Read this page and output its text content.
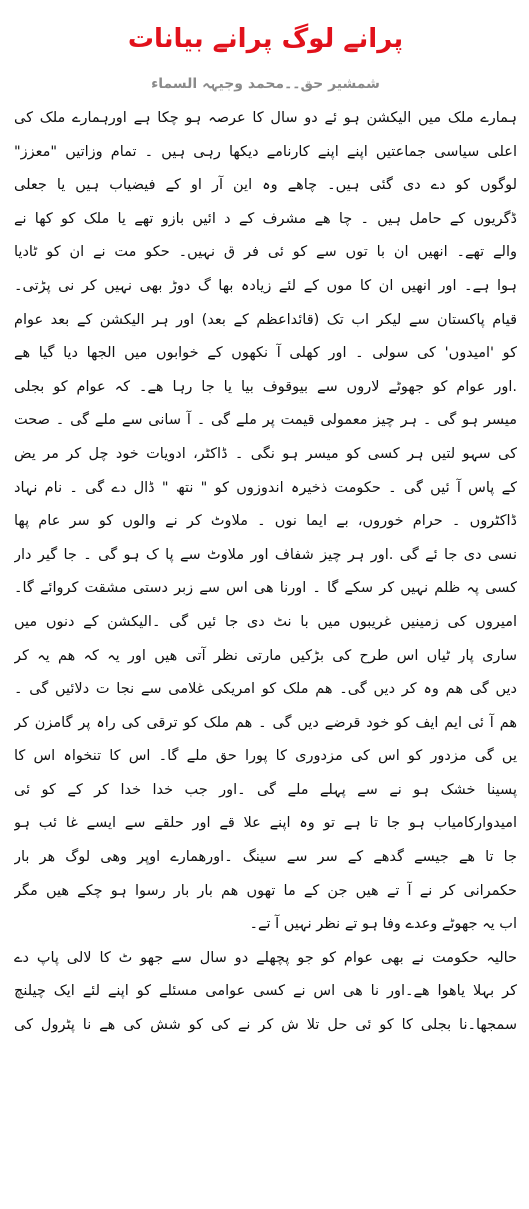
پرانے لوگ پرانے بیانات
شمشیر حق۔۔محمد وجیہہ السماء
ہمارے ملک میں الیکشن ہو ئے دو سال کا عرصہ ہو چکا ہے اورہمارے ملک کی
اعلی سیاسی جماعتیں اپنے اپنے کارنامے دیکھا رہی ہیں ۔ تمام وزاتیں "معزز"
لوگوں کو دے دی گئی ہیں۔ چاھے وہ این آر او کے فیضیاب ہیں یا جعلی
ڈگریوں کے حامل ہیں ۔ چا ھے مشرف کے د ائیں بازو تھے یا ملک کو کھا نے
والے تھے۔ انھیں ان با توں سے کو ئی فر ق نہیں۔ حکو مت نے ان کو ٹادیا
ہوا ہے۔ اور انھیں ان کا موں کے لئے زیادہ بھا گ دوڑ بھی نہیں کر نی پڑتی۔
قیام پاکستان سے لیکر اب تک (قائداعظم کے بعد) اور ہر الیکشن کے بعد عوام
کو 'امیدوں' کی سولی ۔ اور کھلی آ نکھوں کے خوابوں میں الجھا دیا گیا ھے
.اور عوام کو جھوٹے لاروں سے بیوقوف بیا یا جا رہا ھے۔ کہ عوام کو بجلی
میسر ہو گی ۔ ہر چیز معمولی قیمت پر ملے گی ۔ آ سانی سے ملے گی ۔ صحت
کی سہو لتیں ہر کسی کو میسر ہو نگی ۔ ڈاکٹر، ادویات خود چل کر مر یض
کے پاس آ ئیں گی ۔ حکومت ذخیرہ اندوزوں کو " نتھ " ڈال دے گی ۔ نام نہاد
ڈاکٹروں ۔ حرام خوروں، بے ایما نوں ۔ ملاوٹ کر نے والوں کو سر عام پھا
نسی دی جا ئے گی .اور ہر چیز شفاف اور ملاوٹ سے پا ک ہو گی ۔ جا گیر دار
کسی پہ ظلم نہیں کر سکے گا ۔ اورنا ھی اس سے زبر دستی مشقت کروائے گا۔
امیروں کی زمینیں غریبوں میں با نٹ دی جا ئیں گی ۔الیکشن کے دنوں میں
ساری پار ٹیاں اس طرح کی بڑکیں مارتی نظر آتی ھیں اور یہ کہ ھم یہ کر
دیں گی ھم وہ کر دیں گی۔ ھم ملک کو امریکی غلامی سے نجا ت دلائیں گی ۔
ھم آ ئی ایم ایف کو خود قرضے دیں گی ۔ ھم ملک کو ترقی کی راہ پر گامزن کر
یں گی مزدور کو اس کی مزدوری کا پورا حق ملے گا۔ اس کا تنخواہ اس کا
پسینا خشک ہو نے سے پہلے ملے گی ۔اور جب خدا خدا کر کے کو ئی
امیدوارکامیاب ہو جا تا ہے تو وہ اپنے علا قے اور حلقے سے ایسے غا ئب ہو
جا تا ھے جیسے گدھے کے سر سے سینگ ۔اورھمارے اوپر وھی لوگ ھر بار
حکمرانی کر نے آ تے ھیں جن کے ما تھوں ھم بار بار رسوا ہو چکے ھیں مگر
اب یہ جھوٹے وعدے وفا ہو تے نظر نہیں آ تے۔
حالیہ حکومت نے بھی عوام کو جو پچھلے دو سال سے جھو ٹ کا لالی پاپ دے
کر بہلا یاھوا ھے۔اور نا ھی اس نے کسی عوامی مسئلے کو اپنے لئے ایک چیلنچ
سمجھا۔نا بجلی کا کو ئی حل تلا ش کر نے کی کو شش کی ھے نا پٹرول کی
